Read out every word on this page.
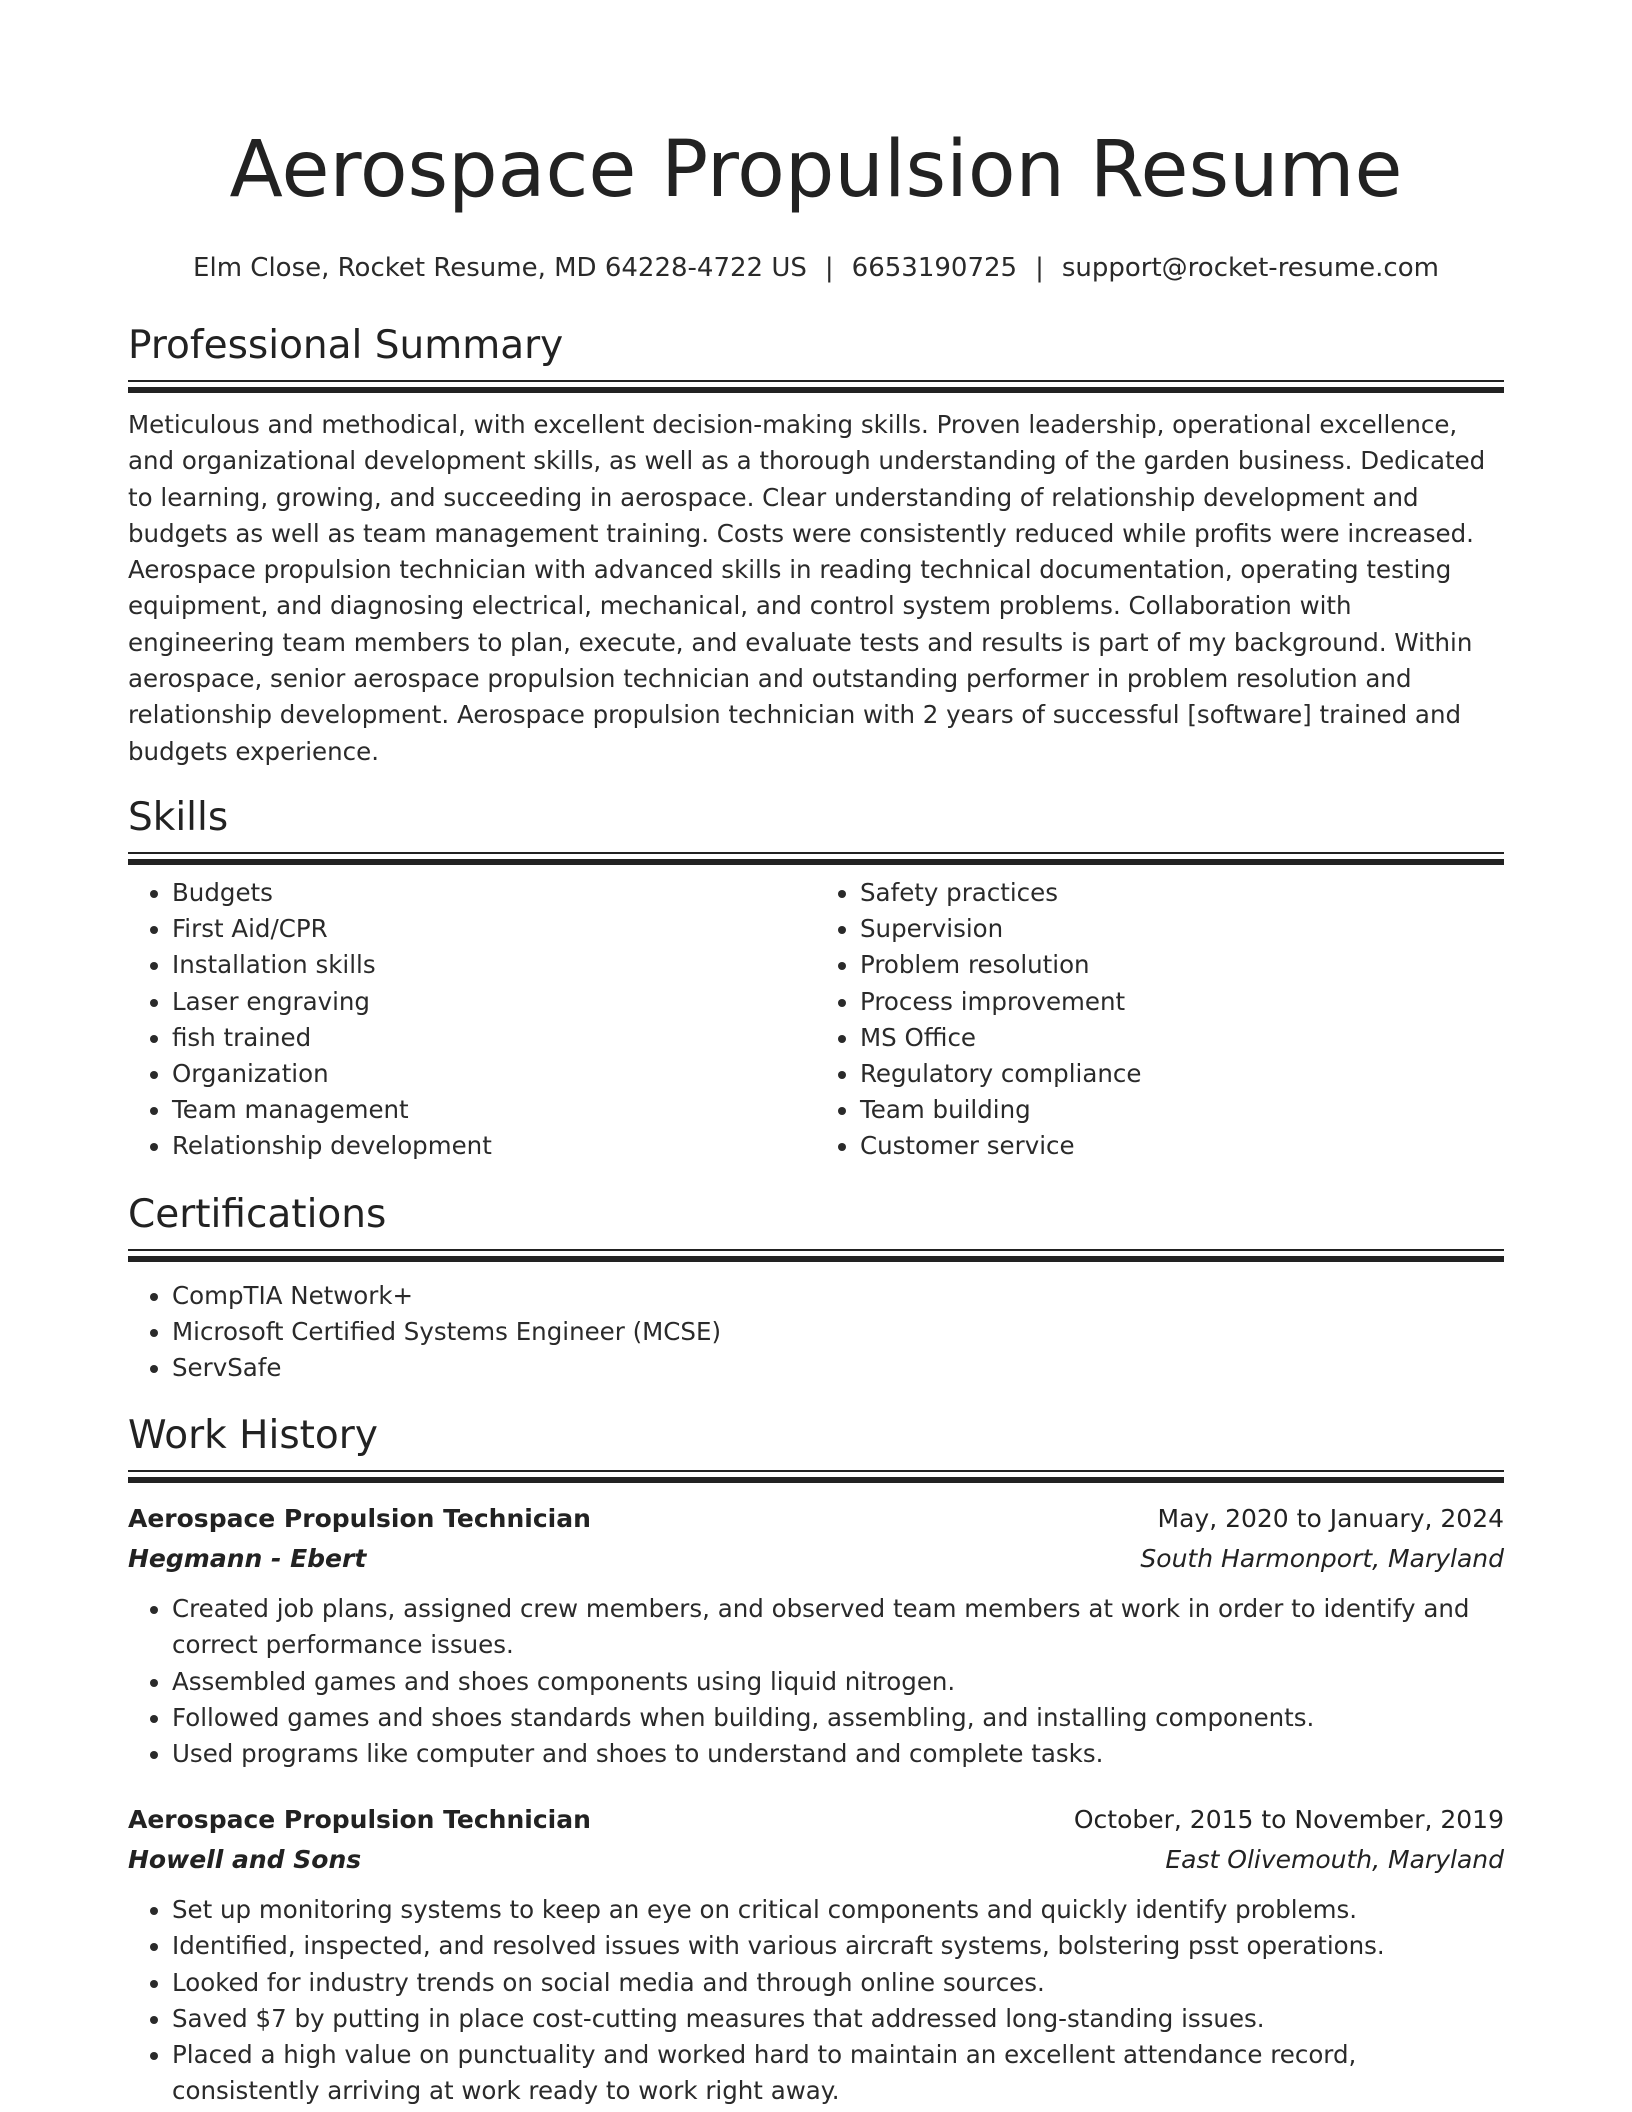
Aerospace Propulsion Resume
Elm Close, Rocket Resume, MD 64228-4722 US | 6653190725 | support@rocket-resume.com
Professional Summary

Meticulous and methodical, with excellent decision-making skills. Proven leadership, operational excellence, and organizational development skills, as well as a thorough understanding of the garden business. Dedicated to learning, growing, and succeeding in aerospace. Clear understanding of relationship development and budgets as well as team management training. Costs were consistently reduced while profits were increased. Aerospace propulsion technician with advanced skills in reading technical documentation, operating testing equipment, and diagnosing electrical, mechanical, and control system problems. Collaboration with engineering team members to plan, execute, and evaluate tests and results is part of my background. Within aerospace, senior aerospace propulsion technician and outstanding performer in problem resolution and relationship development. Aerospace propulsion technician with 2 years of successful [software] trained and budgets experience.

Skills
• Budgets
• First Aid/CPR
• Installation skills
• Laser engraving
• fish trained
• Organization
• Team management
• Relationship development
• Safety practices
• Supervision
• Problem resolution
• Process improvement
• MS Office
• Regulatory compliance
• Team building
• Customer service
Certifications
• CompTIA Network+
• Microsoft Certified Systems Engineer (MCSE)
• ServSafe
Work History
Aerospace Propulsion Technician	May, 2020 to January, 2024
Hegmann - Ebert	South Harmonport, Maryland
• Created job plans, assigned crew members, and observed team members at work in order to identify and correct performance issues.
• Assembled games and shoes components using liquid nitrogen.
• Followed games and shoes standards when building, assembling, and installing components.
• Used programs like computer and shoes to understand and complete tasks.
Aerospace Propulsion Technician	October, 2015 to November, 2019
Howell and Sons	East Olivemouth, Maryland
• Set up monitoring systems to keep an eye on critical components and quickly identify problems.
• Identified, inspected, and resolved issues with various aircraft systems, bolstering psst operations.
• Looked for industry trends on social media and through online sources.
• Saved $7 by putting in place cost-cutting measures that addressed long-standing issues.
• Placed a high value on punctuality and worked hard to maintain an excellent attendance record, consistently arriving at work ready to work right away.
